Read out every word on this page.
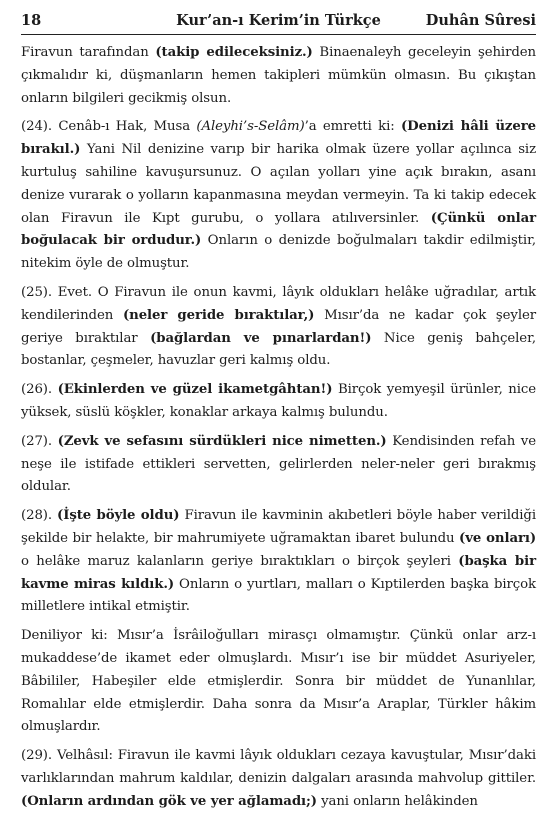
18	Kur’an-ı Kerim’in Türkçe	Duhân Sûresi

Firavun tarafından (takip edileceksiniz.) Binaenaleyh geceleyin şehirden çıkmalıdır ki, düşmanların hemen takipleri mümkün olmasın. Bu çıkıştan onların bilgileri gecikmiş olsun.

(24). Cenâb-ı Hak, Musa (Aleyhi’s-Selâm)’a emretti ki: (Denizi hâli üzere bırakıl.) Yani Nil denizine varıp bir harika olmak üzere yollar açılınca siz kurtuluş sahiline kavuşursunuz. O açılan yolları yine açık bırakın, asanı denize vurarak o yolların kapanmasına meydan vermeyin. Ta ki takip edecek olan Firavun ile Kıpt gurubu, o yollara atılıversinler. (Çünkü onlar boğulacak bir ordudur.) Onların o denizde boğulmaları takdir edilmiştir, nitekim öyle de olmuştur.

(25). Evet. O Firavun ile onun kavmi, lâyık oldukları helâke uğradılar, artık kendilerinden (neler geride bıraktılar,) Mısır’da ne kadar çok şeyler geriye bıraktılar (bağlardan ve pınarlardan!) Nice geniş bahçeler, bostanlar, çeşmeler, havuzlar geri kalmış oldu.

(26). (Ekinlerden ve güzel ikametgâhtan!) Birçok yemyeşil ürünler, nice yüksek, süslü köşkler, konaklar arkaya kalmış bulundu.

(27). (Zevk ve sefasını sürdükleri nice nimetten.) Kendisinden refah ve neşe ile istifade ettikleri servetten, gelirlerden neler-neler geri bırakmış oldular.

(28). (İşte böyle oldu) Firavun ile kavminin akıbetleri böyle haber verildiği şekilde bir helakte, bir mahrumiyete uğramaktan ibaret bulundu (ve onları) o helâke maruz kalanların geriye bıraktıkları o birçok şeyleri (başka bir kavme miras kıldık.) Onların o yurtları, malları o Kıptilerden başka birçok milletlere intikal etmiştir.

Deniliyor ki: Mısır’a İsrâiloğulları mirasçı olmamıştır. Çünkü onlar arz-ı mukaddese’de ikamet eder olmuşlardı. Mısır’ı ise bir müddet Asuriyeler, Bâbililer, Habeşiler elde etmişlerdir. Sonra bir müddet de Yunanlılar, Romalılar elde etmişlerdir. Daha sonra da Mısır’a Araplar, Türkler hâkim olmuşlardır.

(29). Velhâsıl: Firavun ile kavmi lâyık oldukları cezaya kavuştular, Mısır’daki varlıklarından mahrum kaldılar, denizin dalgaları arasında mahvolup gittiler. (Onların ardından gök ve yer ağlamadı;) yani onların helâkinden
